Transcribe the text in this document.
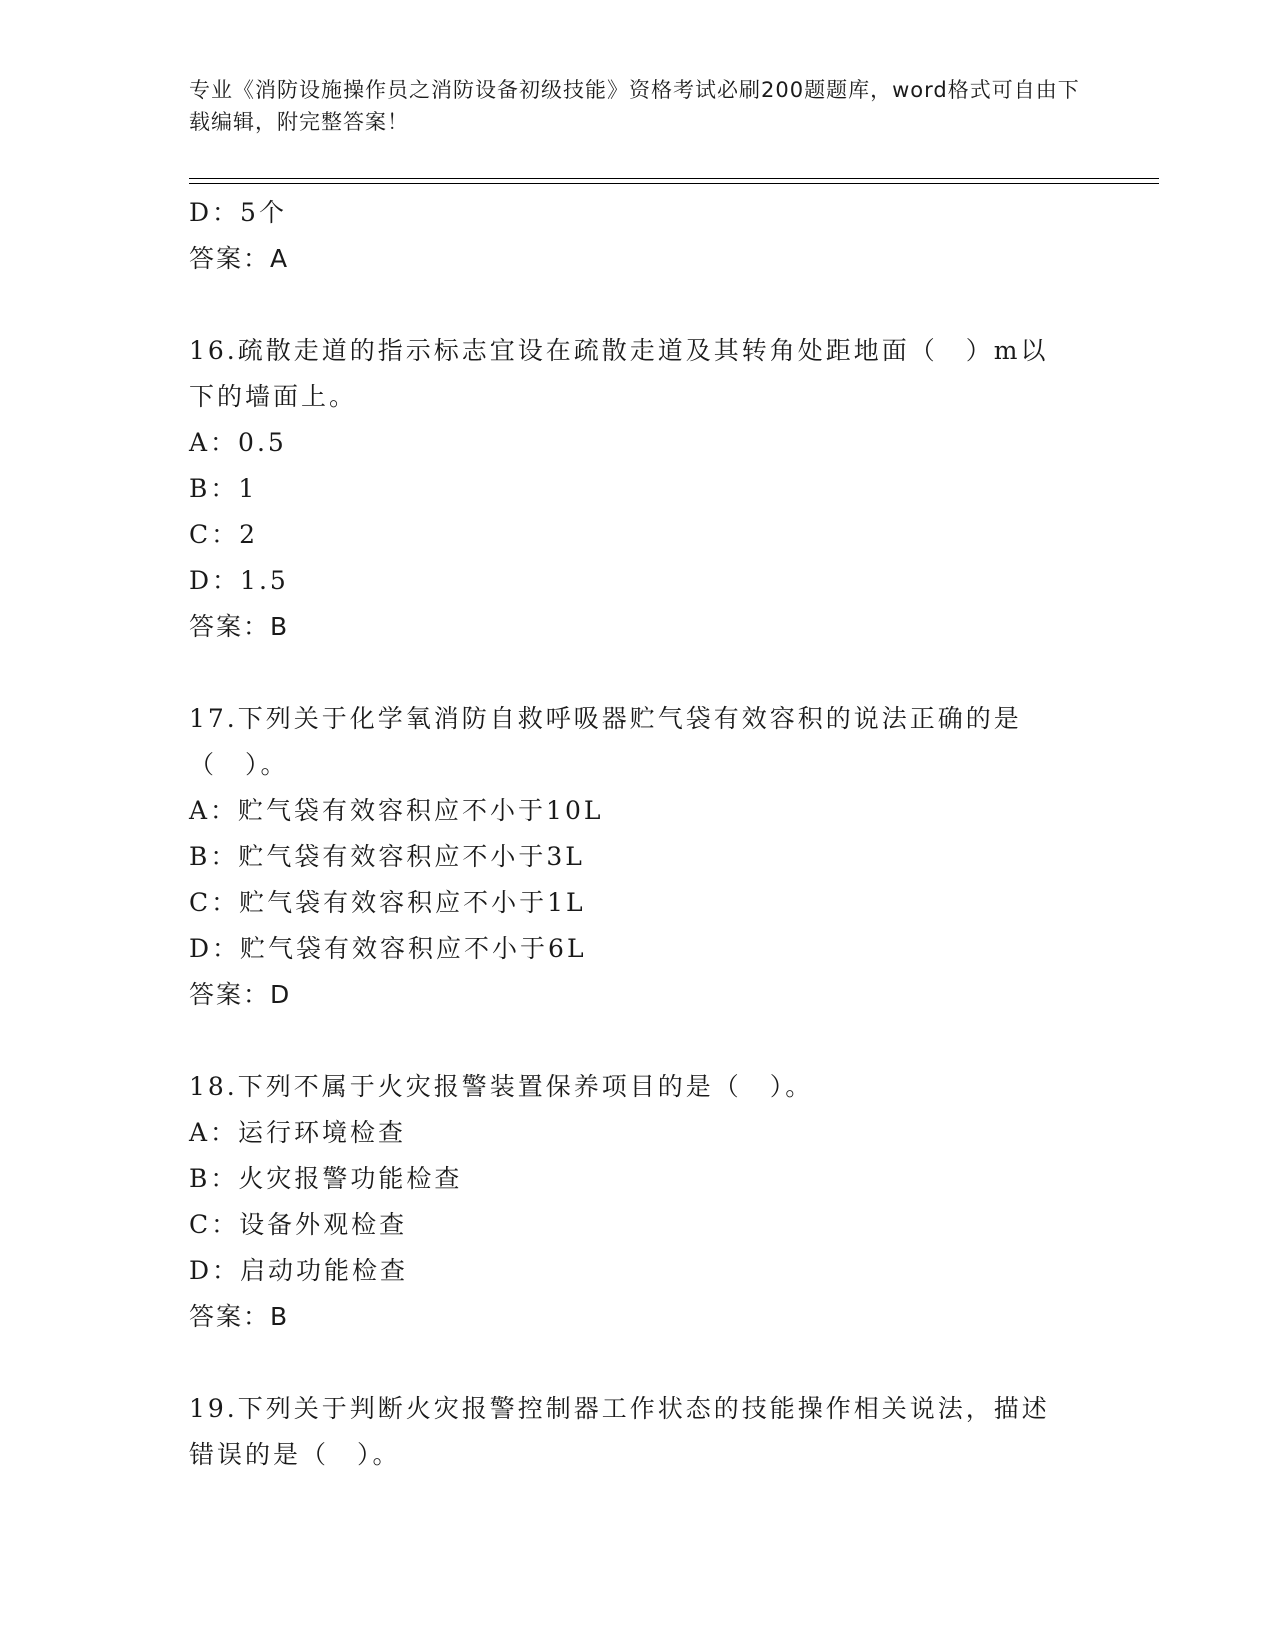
专业《消防设施操作员之消防设备初级技能》资格考试必刷200题题库，word格式可自由下载编辑，附完整答案！
D：5个
答案：A
16.疏散走道的指示标志宜设在疏散走道及其转角处距地面（　）m以下的墙面上。
A：0.5
B：1
C：2
D：1.5
答案：B
17.下列关于化学氧消防自救呼吸器贮气袋有效容积的说法正确的是（　）。
A：贮气袋有效容积应不小于10L
B：贮气袋有效容积应不小于3L
C：贮气袋有效容积应不小于1L
D：贮气袋有效容积应不小于6L
答案：D
18.下列不属于火灾报警装置保养项目的是（　）。
A：运行环境检查
B：火灾报警功能检查
C：设备外观检查
D：启动功能检查
答案：B
19.下列关于判断火灾报警控制器工作状态的技能操作相关说法，描述错误的是（　）。
